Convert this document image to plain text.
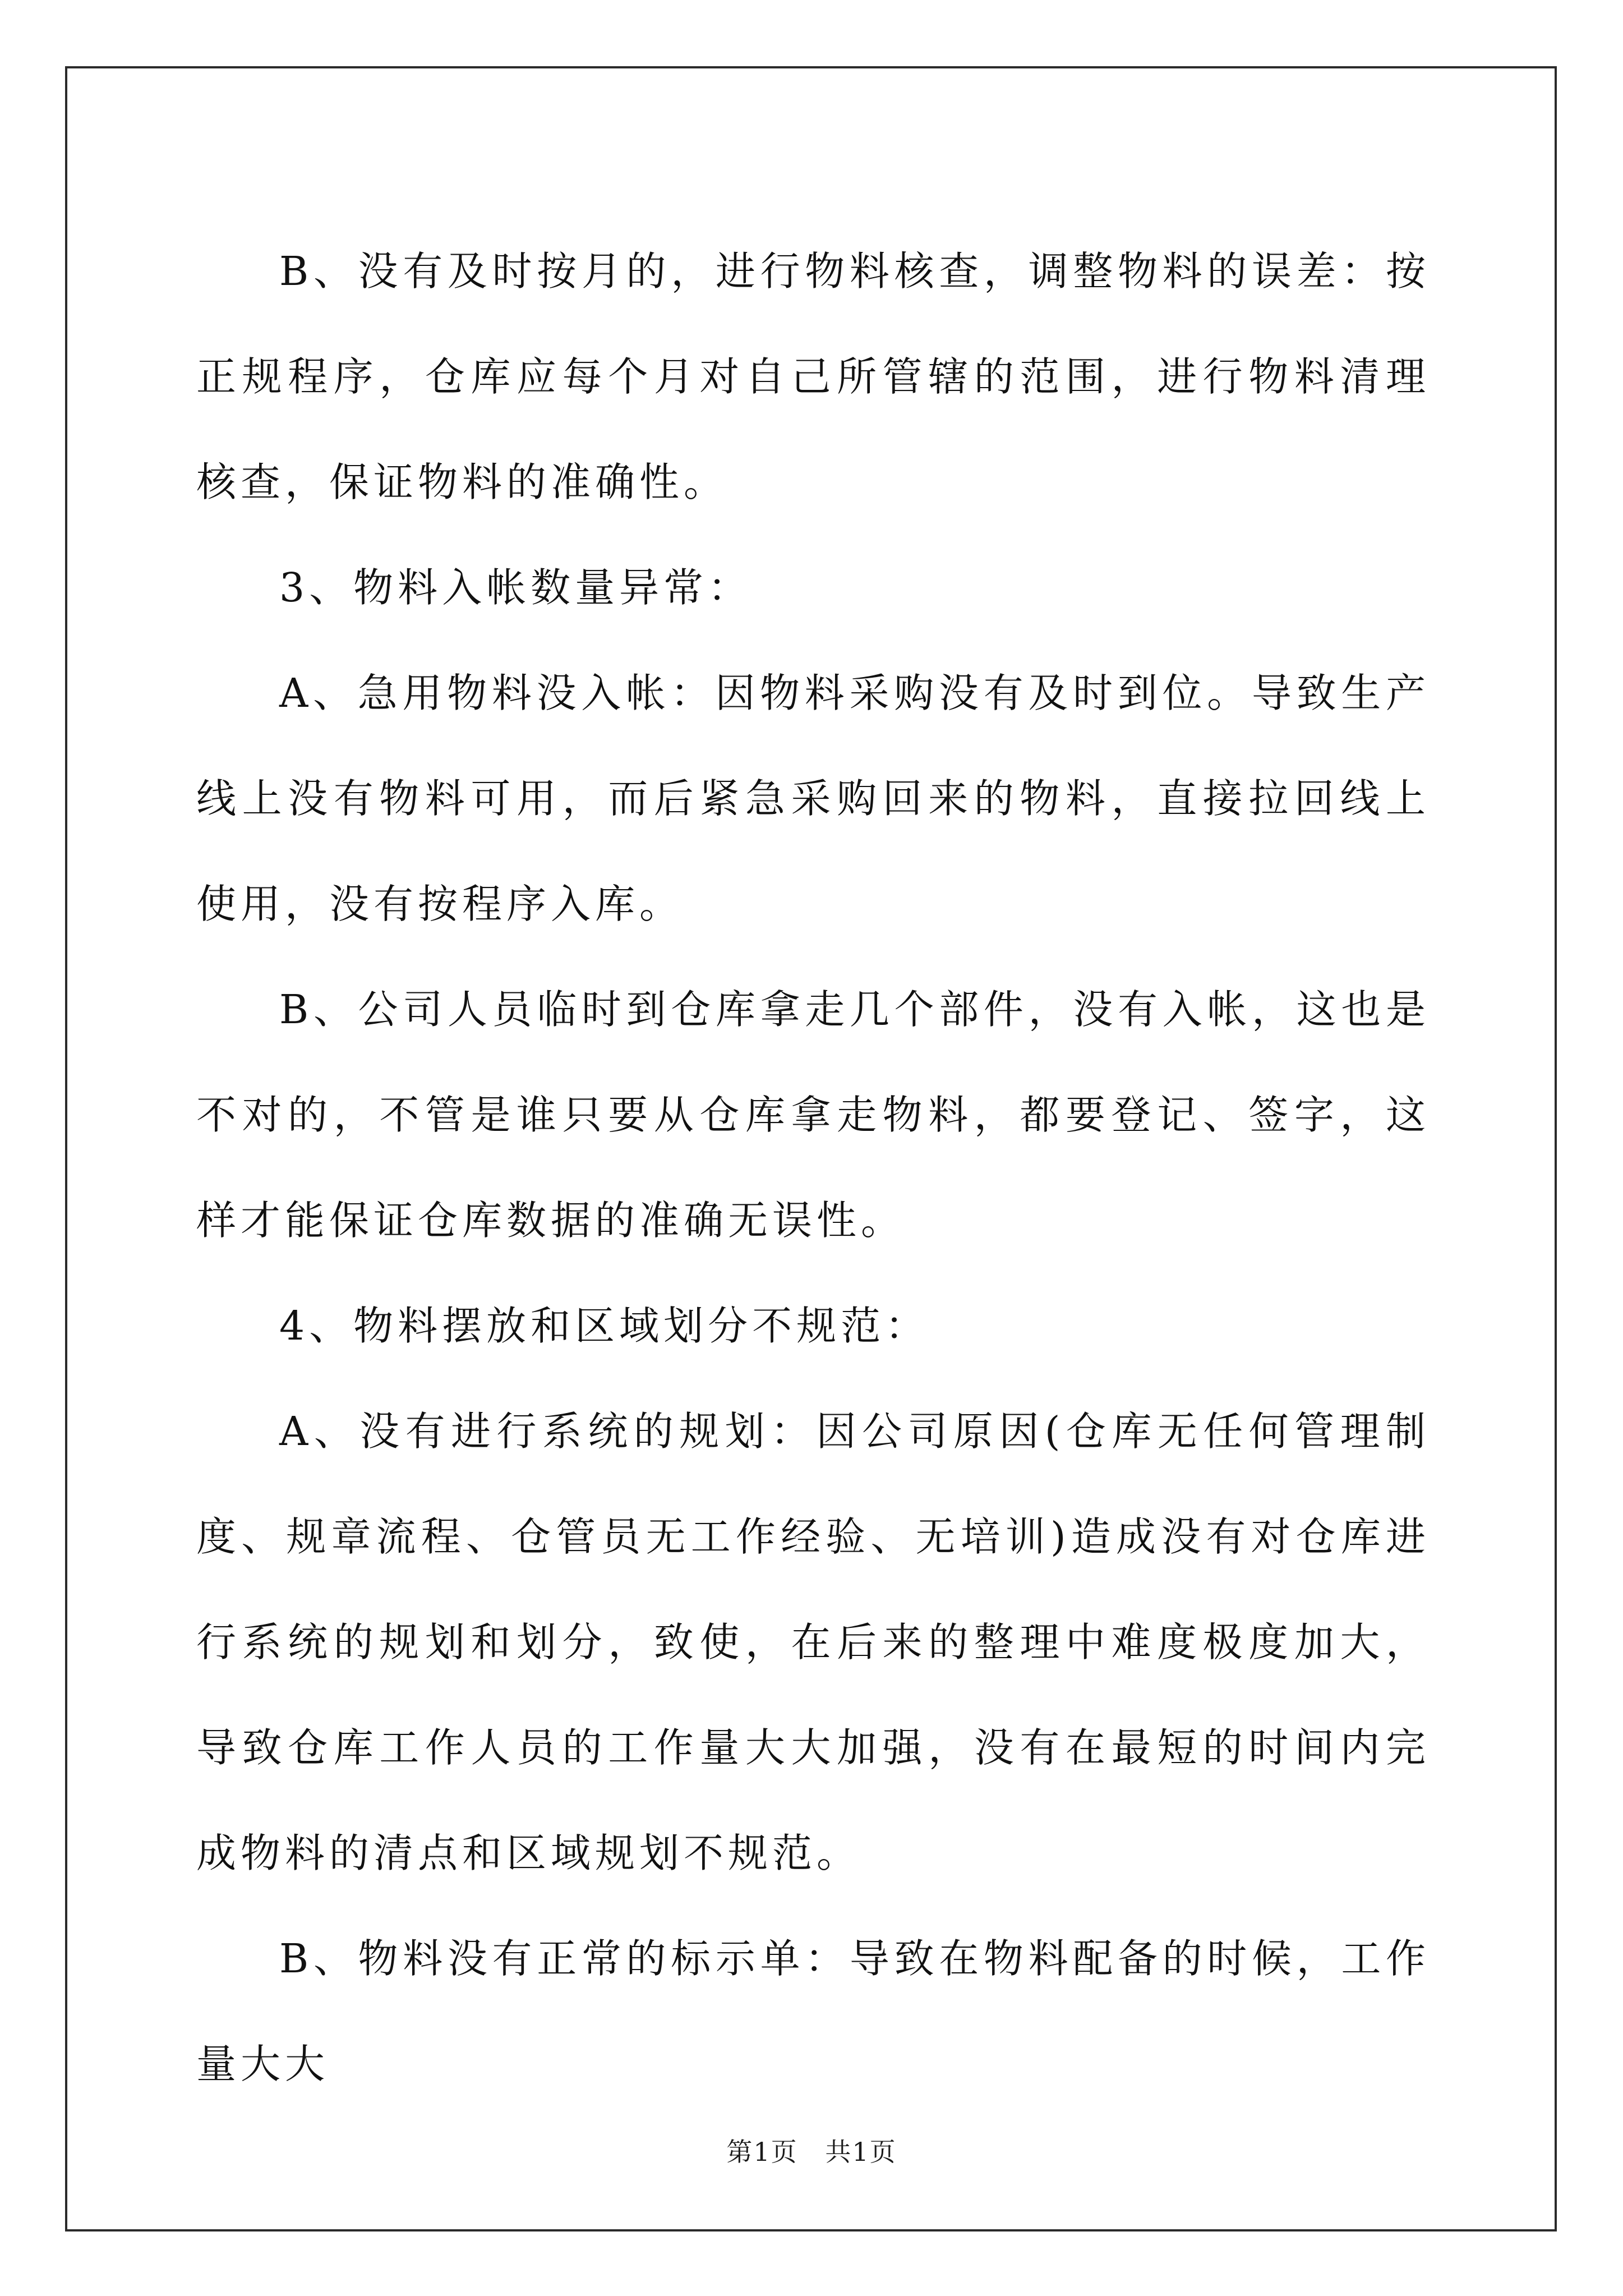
B、没有及时按月的，进行物料核查，调整物料的误差：按正规程序，仓库应每个月对自己所管辖的范围，进行物料清理核查，保证物料的准确性。

3、物料入帐数量异常：

A、急用物料没入帐：因物料采购没有及时到位。导致生产线上没有物料可用，而后紧急采购回来的物料，直接拉回线上使用，没有按程序入库。

B、公司人员临时到仓库拿走几个部件，没有入帐，这也是不对的，不管是谁只要从仓库拿走物料，都要登记、签字，这样才能保证仓库数据的准确无误性。

4、物料摆放和区域划分不规范：

A、没有进行系统的规划：因公司原因(仓库无任何管理制度、规章流程、仓管员无工作经验、无培训)造成没有对仓库进行系统的规划和划分，致使，在后来的整理中难度极度加大，导致仓库工作人员的工作量大大加强，没有在最短的时间内完成物料的清点和区域规划不规范。

B、物料没有正常的标示单：导致在物料配备的时候，工作量大大

第1页 共1页
